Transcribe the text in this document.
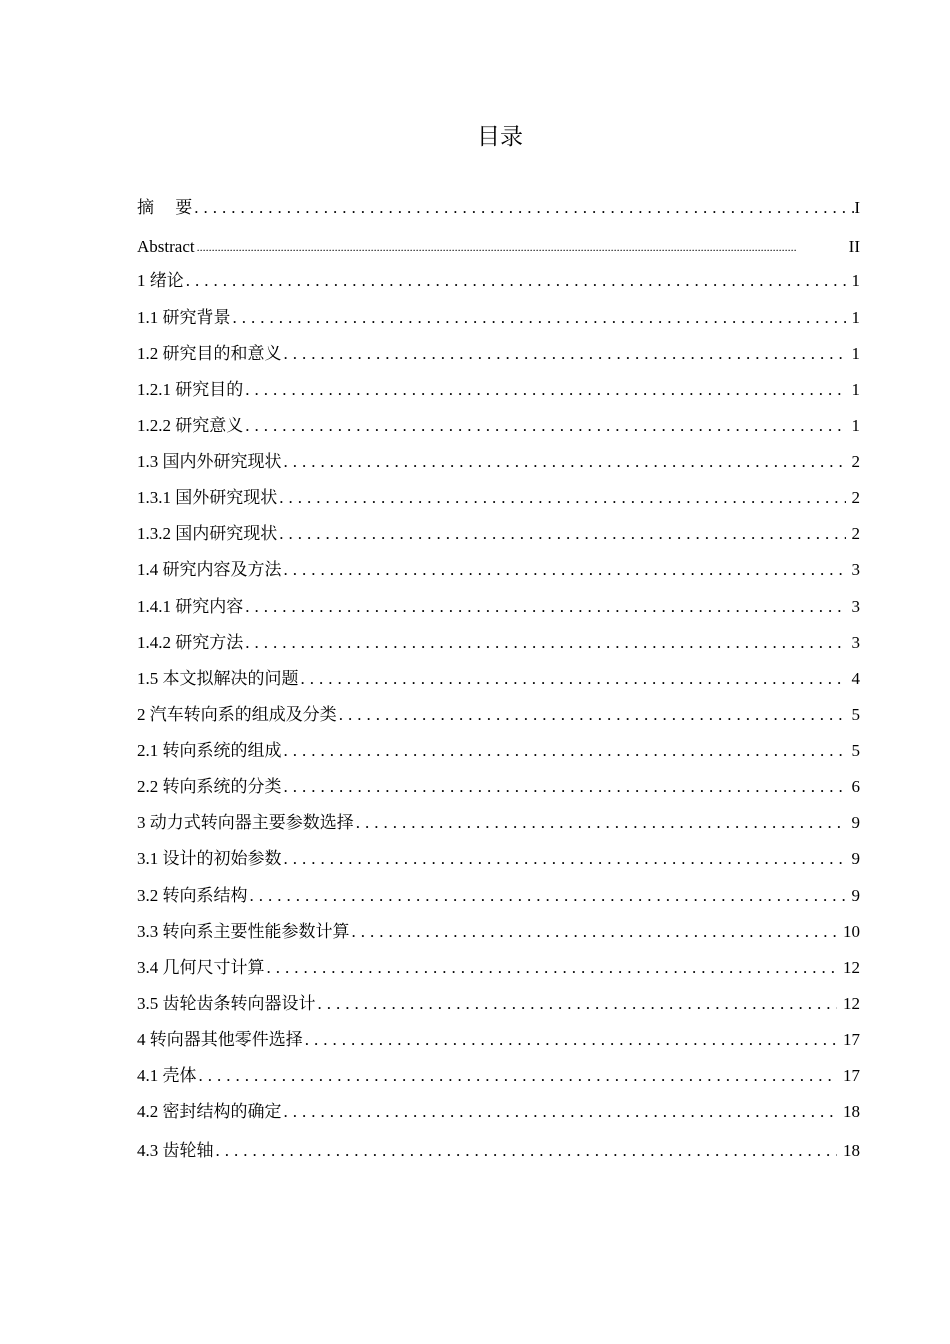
目录
摘　 要 .....	I
Abstract .....	II
1 绪论 .....	1
1.1 研究背景 .....	1
1.2 研究目的和意义 .....	1
1.2.1 研究目的 .....	1
1.2.2 研究意义 .....	1
1.3 国内外研究现状 .....	2
1.3.1 国外研究现状 .....	2
1.3.2 国内研究现状 .....	2
1.4 研究内容及方法 .....	3
1.4.1 研究内容 .....	3
1.4.2 研究方法 .....	3
1.5 本文拟解决的问题 .....	4
2 汽车转向系的组成及分类 .....	5
2.1 转向系统的组成 .....	5
2.2 转向系统的分类 .....	6
3 动力式转向器主要参数选择 .....	9
3.1 设计的初始参数 .....	9
3.2 转向系结构 .....	9
3.3 转向系主要性能参数计算 .....	10
3.4 几何尺寸计算 .....	12
3.5 齿轮齿条转向器设计 .....	12
4 转向器其他零件选择 .....	17
4.1 壳体 .....	17
4.2 密封结构的确定 .....	18
4.3 齿轮轴 .....	18
